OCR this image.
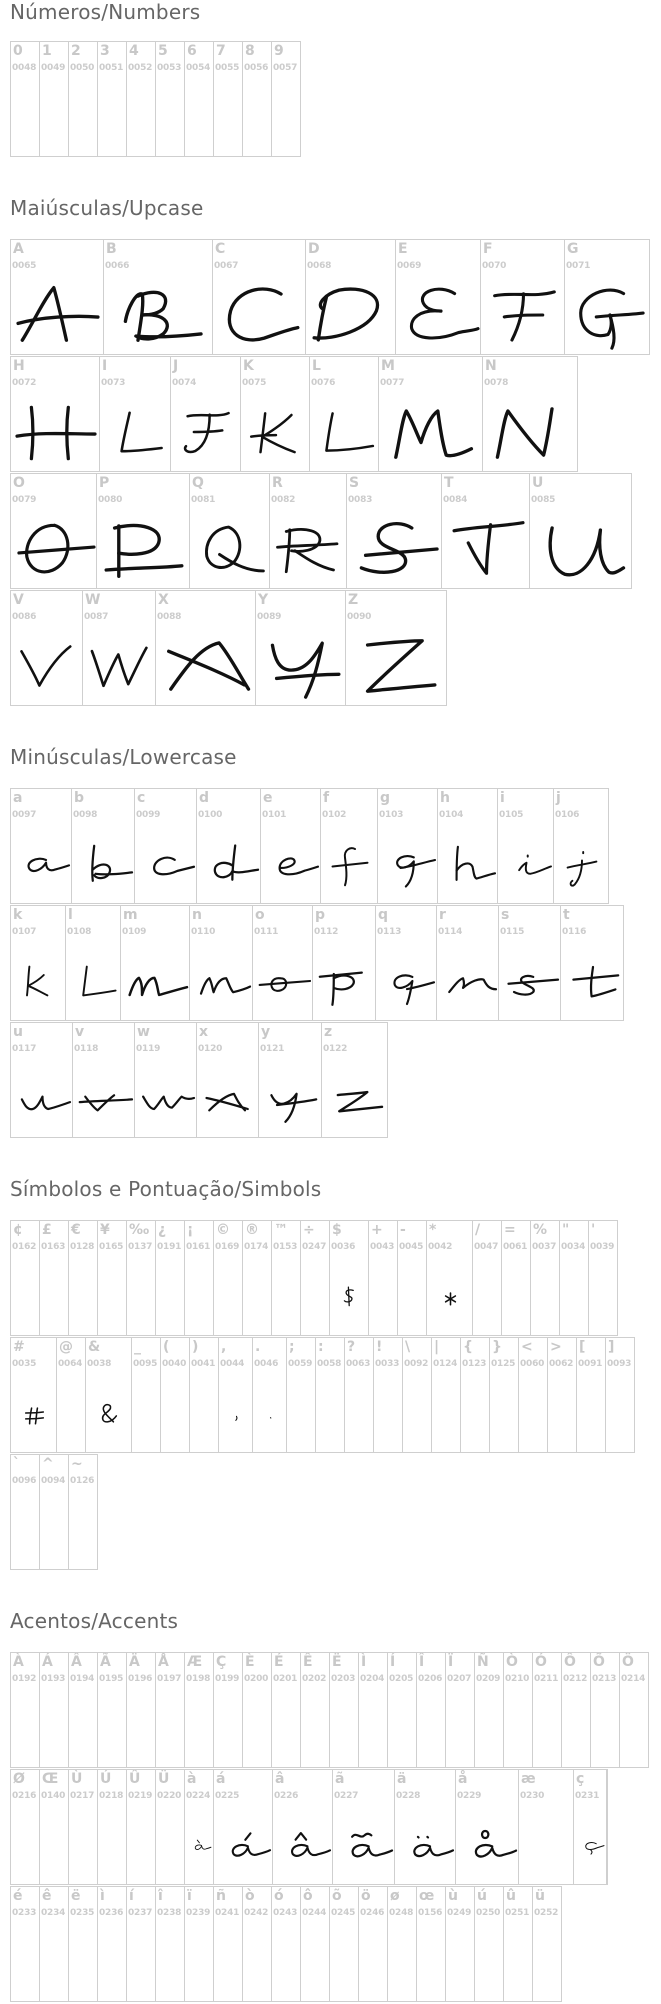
Números/Numbers
0
0048
1
0049
2
0050
3
0051
4
0052
5
0053
6
0054
7
0055
8
0056
9
0057
Maiúsculas/Upcase
A
0065
B
0066
C
0067
D
0068
E
0069
F
0070
G
0071
H
0072
I
0073
J
0074
K
0075
L
0076
M
0077
N
0078
O
0079
P
0080
Q
0081
R
0082
S
0083
T
0084
U
0085
V
0086
W
0087
X
0088
Y
0089
Z
0090
Minúsculas/Lowercase
a
0097
b
0098
c
0099
d
0100
e
0101
f
0102
g
0103
h
0104
i
0105
j
0106
k
0107
l
0108
m
0109
n
0110
o
0111
p
0112
q
0113
r
0114
s
0115
t
0116
u
0117
v
0118
w
0119
x
0120
y
0121
z
0122
Símbolos e Pontuação/Simbols
¢
0162
£
0163
€
0128
¥
0165
‰
0137
¿
0191
¡
0161
©
0169
®
0174
™
0153
÷
0247
$
0036
+
0043
-
0045
*
0042
/
0047
=
0061
%
0037
"
0034
'
0039
#
0035
@
0064
&
0038
_
0095
(
0040
)
0041
,
0044
.
0046
;
0059
:
0058
?
0063
!
0033
\
0092
|
0124
{
0123
}
0125
<
0060
>
0062
[
0091
]
0093
`
0096
^
0094
~
0126
Acentos/Accents
À
0192
Á
0193
Â
0194
Ã
0195
Ä
0196
Å
0197
Æ
0198
Ç
0199
È
0200
É
0201
Ê
0202
Ë
0203
Ì
0204
Í
0205
Î
0206
Ï
0207
Ñ
0209
Ò
0210
Ó
0211
Ô
0212
Õ
0213
Ö
0214
Ø
0216
Œ
0140
Ù
0217
Ú
0218
Û
0219
Ü
0220
à
0224
á
0225
â
0226
ã
0227
ä
0228
å
0229
æ
0230
ç
0231
é
0233
ê
0234
ë
0235
ì
0236
í
0237
î
0238
ï
0239
ñ
0241
ò
0242
ó
0243
ô
0244
õ
0245
ö
0246
ø
0248
œ
0156
ù
0249
ú
0250
û
0251
ü
0252
